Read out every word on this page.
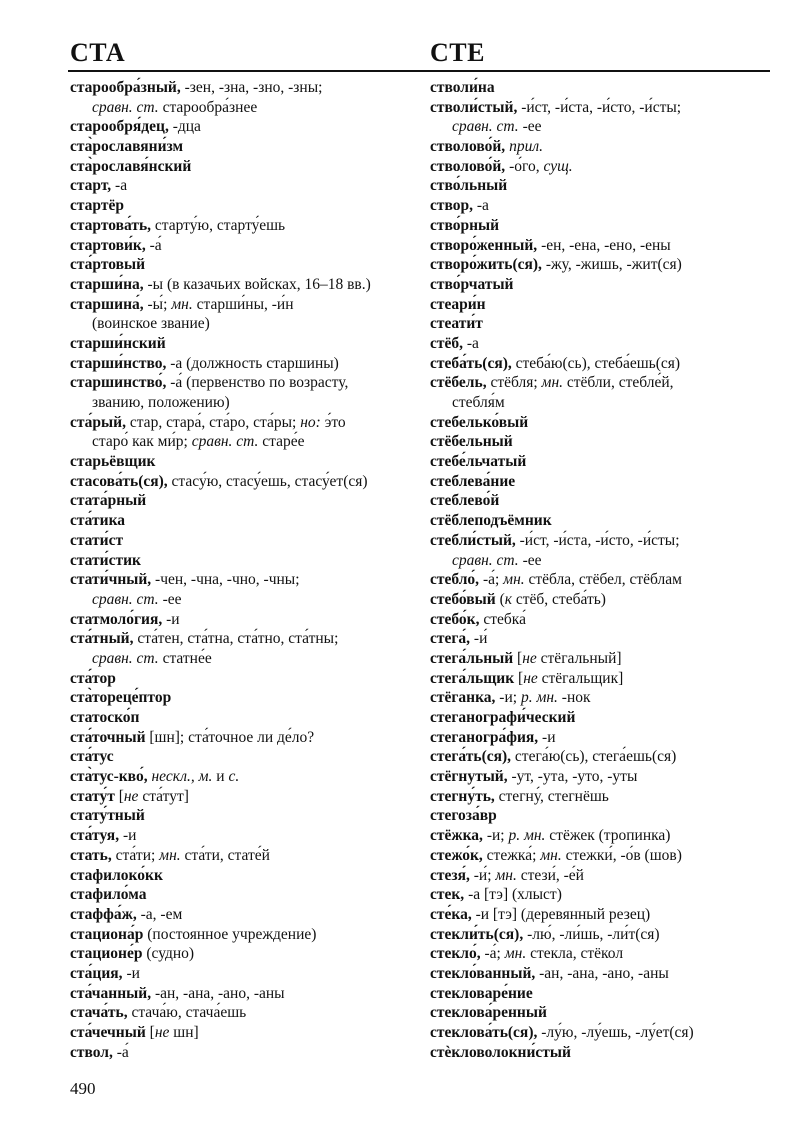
СТА	СТЕ
старообра́зный, -зен, -зна, -зно, -зны;
сравн. ст. старообра́знее
старообря́дец, -дца
ста̀рославяни́зм
ста̀рославя́нский
старт, -а
стартёр
стартова́ть, старту́ю, старту́ешь
стартови́к, -а́
ста́ртовый
старши́на, -ы (в казачьих войсках, 16–18 вв.)
старшина́, -ы́; мн. старши́ны, -и́н
(воинское звание)
старши́нский
старши́нство, -а (должность старшины)
старшинство́, -а́ (первенство по возрасту,
званию, положению)
ста́рый, стар, стара́, ста́ро, ста́ры; но: э́то
старо́ как ми́р; сравн. ст. старе́е
старьёвщик
стасова́ть(ся), стасу́ю, стасу́ешь, стасу́ет(ся)
стата́рный
ста́тика
стати́ст
стати́стик
стати́чный, -чен, -чна, -чно, -чны;
сравн. ст. -ее
статмоло́гия, -и
ста́тный, ста́тен, ста́тна, ста́тно, ста́тны;
сравн. ст. статне́е
ста́тор
ста̀тореце́птор
статоско́п
ста́точный [шн]; ста́точное ли де́ло?
ста́тус
ста̀тус-кво́, нескл., м. и с.
стату́т [не ста́тут]
стату́тный
ста́туя, -и
стать, ста́ти; мн. ста́ти, стате́й
стафилоко́кк
стафило́ма
стаффа́ж, -а, -ем
стациона́р (постоянное учреждение)
стационе́р (судно)
ста́ция, -и
ста́чанный, -ан, -ана, -ано, -аны
стача́ть, стача́ю, стача́ешь
ста́чечный [не шн]
ствол, -а́
стволи́на
стволи́стый, -и́ст, -и́ста, -и́сто, -и́сты;
сравн. ст. -ее
стволово́й, прил.
стволово́й, -о́го, сущ.
ство́льный
створ, -а
ство́рный
створо́женный, -ен, -ена, -ено, -ены
створо́жить(ся), -жу, -жишь, -жит(ся)
ство́рчатый
стеари́н
стеати́т
стёб, -а
стеба́ть(ся), стеба́ю(сь), стеба́ешь(ся)
стёбель, стёбля; мн. стёбли, стебле́й,
стебля́м
стебелько́вый
стёбельный
стебе́льчатый
стеблева́ние
стеблево́й
стёблеподъёмник
стебли́стый, -и́ст, -и́ста, -и́сто, -и́сты;
сравн. ст. -ее
стебло́, -а́; мн. стёбла, стёбел, стёблам
стебо́вый (к стёб, стеба́ть)
стебо́к, стебка́
стега́, -и́
стега́льный [не стёгальный]
стега́льщик [не стёгальщик]
стёганка, -и; р. мн. -нок
стеганографи́ческий
стеганогра́фия, -и
стега́ть(ся), стега́ю(сь), стега́ешь(ся)
стёгнутый, -ут, -ута, -уто, -уты
стегну́ть, стегну́, стегнёшь
стегоза́вр
стёжка, -и; р. мн. стёжек (тропинка)
стежо́к, стежка́; мн. стежки́, -о́в (шов)
стезя́, -и́; мн. стези́, -е́й
стек, -а [тэ] (хлыст)
сте́ка, -и [тэ] (деревянный резец)
стекли́ть(ся), -лю́, -ли́шь, -ли́т(ся)
стекло́, -а́; мн. стекла, стёкол
стекло́ванный, -ан, -ана, -ано, -аны
стекловаре́ние
стеклова́ренный
стеклова́ть(ся), -лу́ю, -лу́ешь, -лу́ет(ся)
стѐкловолокни́стый
490
